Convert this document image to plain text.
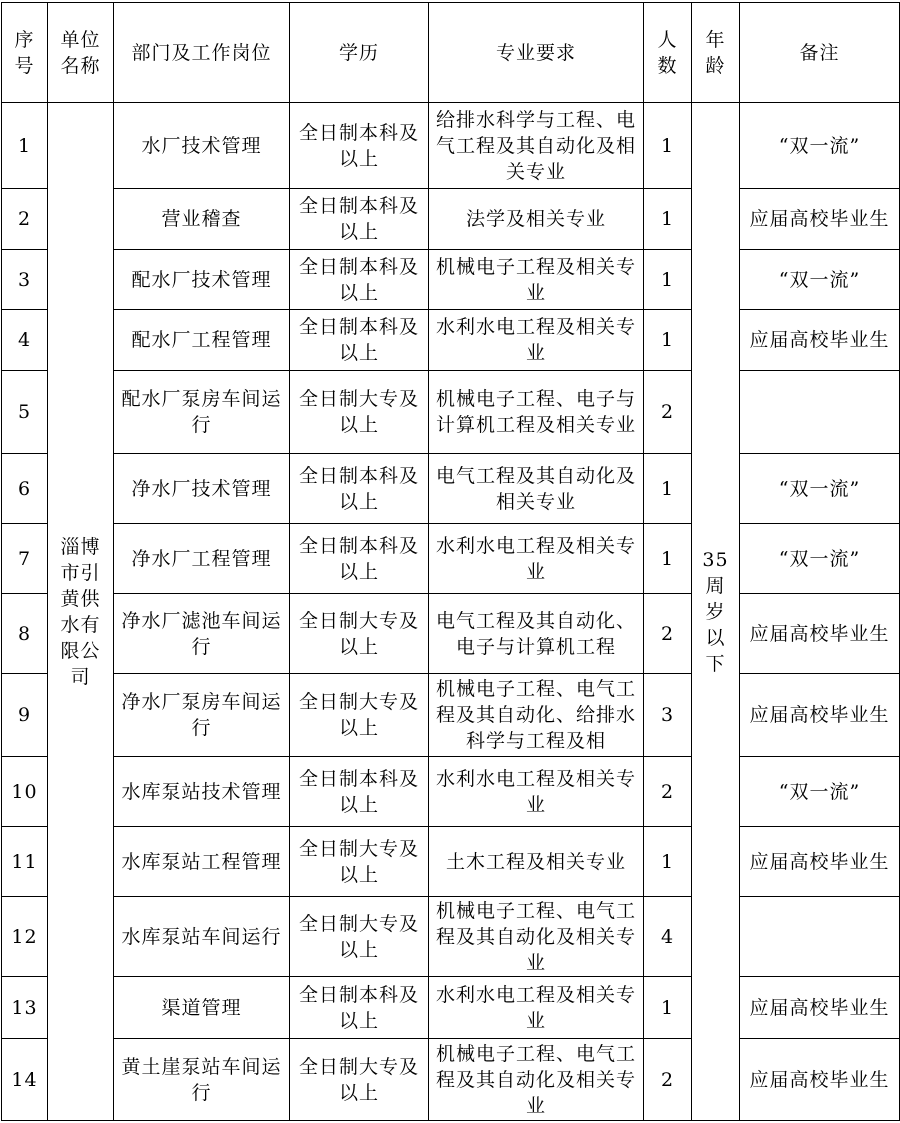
序号	单位名称	部门及工作岗位	学历	专业要求	人数	年龄	备注
1	淄博市引黄供水有限公司	水厂技术管理	全日制本科及以上	给排水科学与工程、电气工程及其自动化及相关专业	1	35周岁以下	“双一流”
2		营业稽查	全日制本科及以上	法学及相关专业	1		应届高校毕业生
3		配水厂技术管理	全日制本科及以上	机械电子工程及相关专业	1		“双一流”
4		配水厂工程管理	全日制本科及以上	水利水电工程及相关专业	1		应届高校毕业生
5		配水厂泵房车间运行	全日制大专及以上	机械电子工程、电子与计算机工程及相关专业	2		
6		净水厂技术管理	全日制本科及以上	电气工程及其自动化及相关专业	1		“双一流”
7		净水厂工程管理	全日制本科及以上	水利水电工程及相关专业	1		“双一流”
8		净水厂滤池车间运行	全日制大专及以上	电气工程及其自动化、电子与计算机工程	2		应届高校毕业生
9		净水厂泵房车间运行	全日制大专及以上	机械电子工程、电气工程及其自动化、给排水科学与工程及相	3		应届高校毕业生
10		水库泵站技术管理	全日制本科及以上	水利水电工程及相关专业	2		“双一流”
11		水库泵站工程管理	全日制大专及以上	土木工程及相关专业	1		应届高校毕业生
12		水库泵站车间运行	全日制大专及以上	机械电子工程、电气工程及其自动化及相关专业	4		
13		渠道管理	全日制本科及以上	水利水电工程及相关专业	1		应届高校毕业生
14		黄土崖泵站车间运行	全日制大专及以上	机械电子工程、电气工程及其自动化及相关专业	2		应届高校毕业生
